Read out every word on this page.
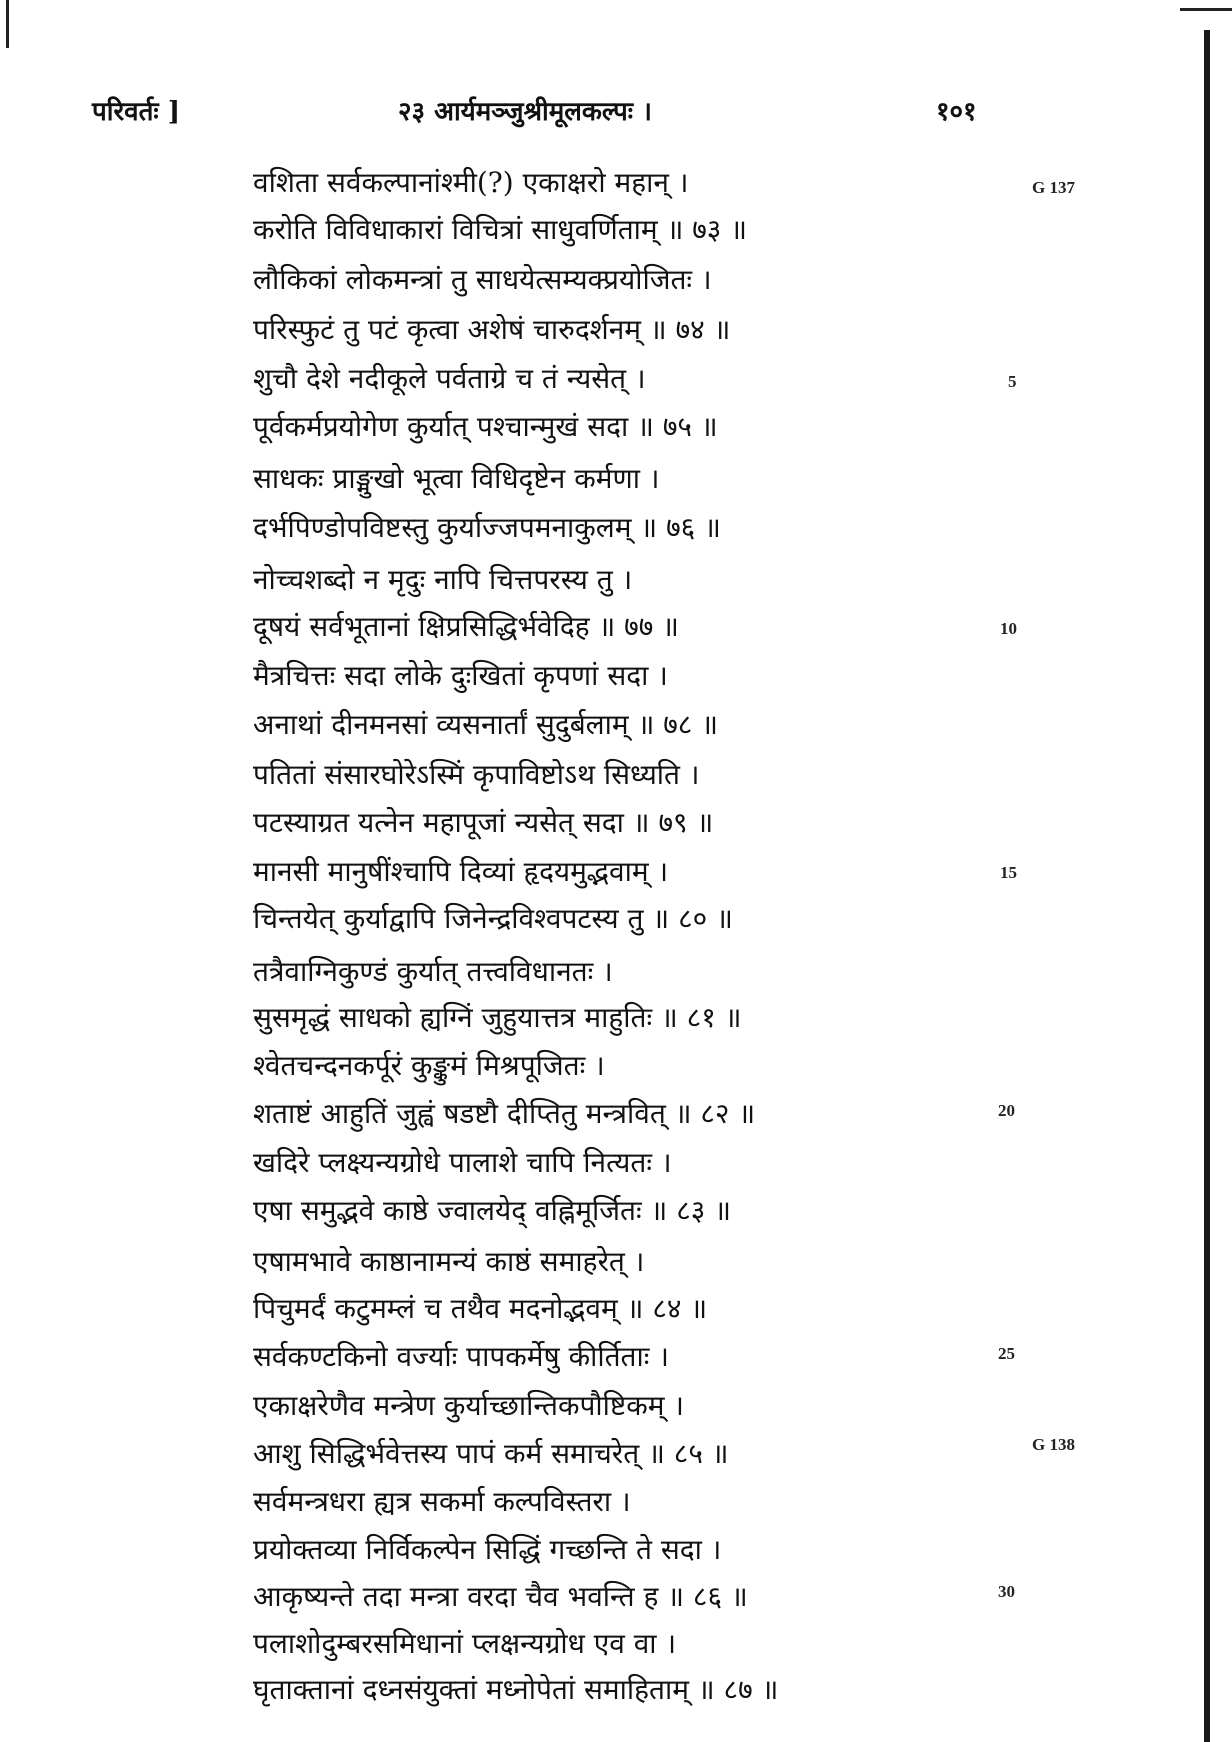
परिवर्तः ]	२३ आर्यमञ्जुश्रीमूलकल्पः ।	१०१
वशिता सर्वकल्पानांश्मी(?) एकाक्षरो महान् ।
करोति विविधाकारां विचित्रां साधुवर्णिताम् ॥ ७३ ॥
लौकिकां लोकमन्त्रां तु साधयेत्सम्यक्प्रयोजितः ।
परिस्फुटं तु पटं कृत्वा अशेषं चारुदर्शनम् ॥ ७४ ॥
शुचौ देशे नदीकूले पर्वताग्रे च तं न्यसेत् ।
पूर्वकर्मप्रयोगेण कुर्यात् पश्चान्मुखं सदा ॥ ७५ ॥
साधकः प्राङ्मुखो भूत्वा विधिदृष्टेन कर्मणा ।
दर्भपिण्डोपविष्टस्तु कुर्याज्जपमनाकुलम् ॥ ७६ ॥
नोच्चशब्दो न मृदुः नापि चित्तपरस्य तु ।
दूषयं सर्वभूतानां क्षिप्रसिद्धिर्भवेदिह ॥ ७७ ॥
मैत्रचित्तः सदा लोके दुःखितां कृपणां सदा ।
अनाथां दीनमनसां व्यसनार्तां सुदुर्बलाम् ॥ ७८ ॥
पतितां संसारघोरेऽस्मिं कृपाविष्टोऽथ सिध्यति ।
पटस्याग्रत यत्नेन महापूजां न्यसेत् सदा ॥ ७९ ॥
मानसी मानुषींश्चापि दिव्यां हृदयमुद्भवाम् ।
चिन्तयेत् कुर्याद्वापि जिनेन्द्रविश्वपटस्य तु ॥ ८० ॥
तत्रैवाग्निकुण्डं कुर्यात् तत्त्वविधानतः ।
सुसमृद्धं साधको ह्यग्निं जुहुयात्तत्र माहुतिः ॥ ८१ ॥
श्वेतचन्दनकर्पूरं कुङ्कुमं मिश्रपूजितः ।
शताष्टं आहुतिं जुह्वं षडष्टौ दीप्तितु मन्त्रवित् ॥ ८२ ॥
खदिरे प्लक्ष्यन्यग्रोधे पालाशे चापि नित्यतः ।
एषा समुद्भवे काष्ठे ज्वालयेद् वह्निमूर्जितः ॥ ८३ ॥
एषामभावे काष्ठानामन्यं काष्ठं समाहरेत् ।
पिचुमर्दं कटुमम्लं च तथैव मदनोद्भवम् ॥ ८४ ॥
सर्वकण्टकिनो वर्ज्याः पापकर्मेषु कीर्तिताः ।
एकाक्षरेणैव मन्त्रेण कुर्याच्छान्तिकपौष्टिकम् ।
आशु सिद्धिर्भवेत्तस्य पापं कर्म समाचरेत् ॥ ८५ ॥
सर्वमन्त्रधरा ह्यत्र सकर्मा कल्पविस्तरा ।
प्रयोक्तव्या निर्विकल्पेन सिद्धिं गच्छन्ति ते सदा ।
आकृष्यन्ते तदा मन्त्रा वरदा चैव भवन्ति ह ॥ ८६ ॥
पलाशोदुम्बरसमिधानां प्लक्षन्यग्रोध एव वा ।
घृताक्तानां दध्नसंयुक्तां मध्नोपेतां समाहिताम् ॥ ८७ ॥
G 137
5
10
15
20
25
G 138
30
